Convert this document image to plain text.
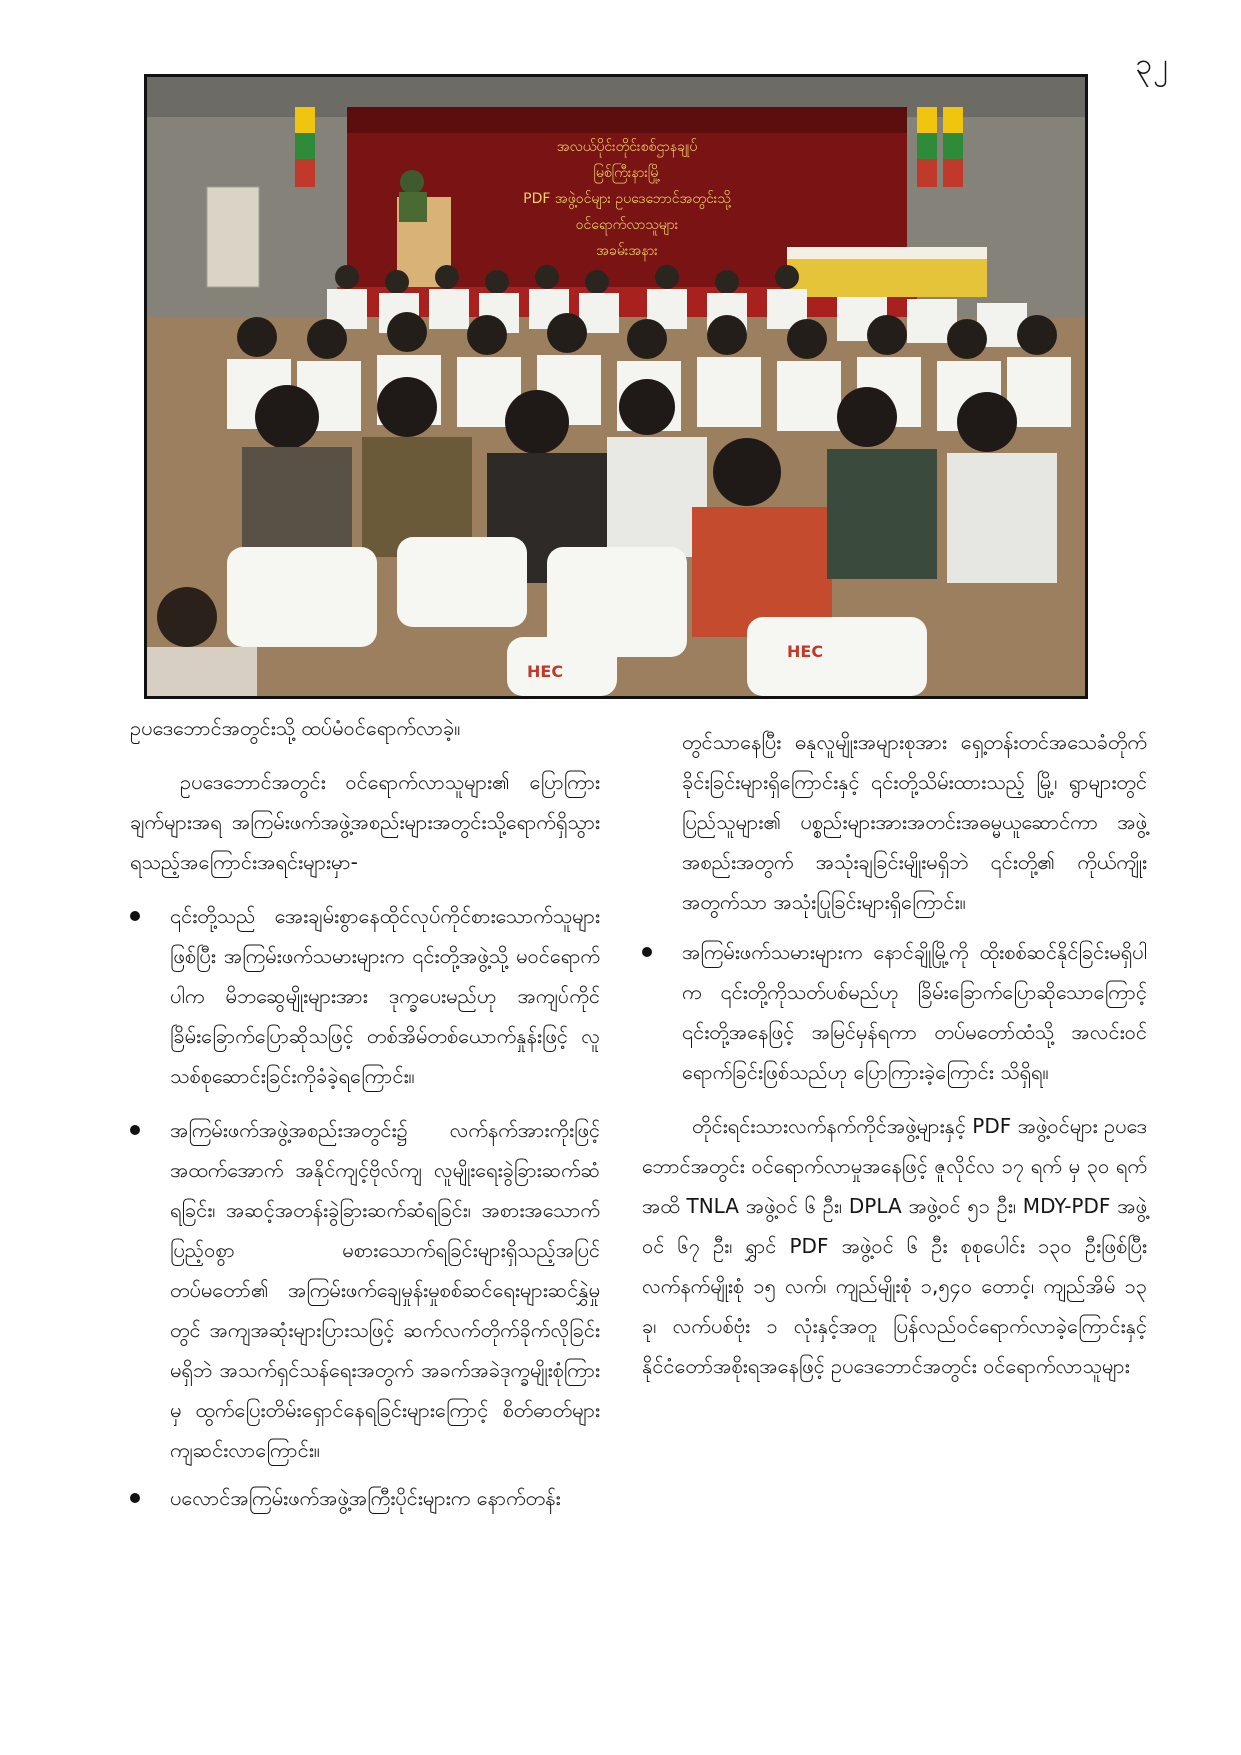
၃၂
အလယ်ပိုင်းတိုင်းစစ်ဌာနချုပ်
မြစ်ကြီးနားမြို့
PDF အဖွဲ့ဝင်များ ဥပဒေဘောင်အတွင်းသို့
ဝင်ရောက်လာသူများ
အခမ်းအနား
HEC
HEC

ဥပဒေဘောင်အတွင်းသို့ ထပ်မံဝင်ရောက်လာခဲ့။

ဥပဒေဘောင်အတွင်း ဝင်ရောက်လာသူများ၏ ပြောကြားချက်များအရ အကြမ်းဖက်အဖွဲ့အစည်းများအတွင်းသို့ရောက်ရှိသွားရသည့်အကြောင်းအရင်းများမှာ-

၎င်းတို့သည် အေးချမ်းစွာနေထိုင်လုပ်ကိုင်စားသောက်သူများဖြစ်ပြီး အကြမ်းဖက်သမားများက ၎င်းတို့အဖွဲ့သို့ မဝင်ရောက်ပါက မိဘဆွေမျိုးများအား ဒုက္ခပေးမည်ဟု အကျပ်ကိုင်ခြိမ်းခြောက်ပြောဆိုသဖြင့် တစ်အိမ်တစ်ယောက်နှုန်းဖြင့် လူသစ်စုဆောင်းခြင်းကိုခံခဲ့ရကြောင်း။
အကြမ်းဖက်အဖွဲ့အစည်းအတွင်း၌ လက်နက်အားကိုးဖြင့်အထက်အောက် အနိုင်ကျင့်ဗိုလ်ကျ လူမျိုးရေးခွဲခြားဆက်ဆံရခြင်း၊ အဆင့်အတန်းခွဲခြားဆက်ဆံရခြင်း၊ အစားအသောက်ပြည့်ဝစွာ မစားသောက်ရခြင်းများရှိသည့်အပြင် တပ်မတော်၏ အကြမ်းဖက်ချေမှုန်းမှုစစ်ဆင်ရေးများဆင်နွှဲမှုတွင် အကျအဆုံးများပြားသဖြင့် ဆက်လက်တိုက်ခိုက်လိုခြင်းမရှိဘဲ အသက်ရှင်သန်ရေးအတွက် အခက်အခဲဒုက္ခမျိုးစုံကြားမှ ထွက်ပြေးတိမ်းရှောင်နေရခြင်းများကြောင့် စိတ်ဓာတ်များကျဆင်းလာကြောင်း။
ပလောင်အကြမ်းဖက်အဖွဲ့အကြီးပိုင်းများက နောက်တန်း

တွင်သာနေပြီး ဓနုလူမျိုးအများစုအား ရှေ့တန်းတင်အသေခံတိုက်ခိုင်းခြင်းများရှိကြောင်းနှင့် ၎င်းတို့သိမ်းထားသည့် မြို့၊ ရွာများတွင် ပြည်သူများ၏ ပစ္စည်းများအားအတင်းအဓမ္မယူဆောင်ကာ အဖွဲ့အစည်းအတွက် အသုံးချခြင်းမျိုးမရှိဘဲ ၎င်းတို့၏ ကိုယ်ကျိုးအတွက်သာ အသုံးပြုခြင်းများရှိကြောင်း။

အကြမ်းဖက်သမားများက နောင်ချိုမြို့ကို ထိုးစစ်ဆင်နိုင်ခြင်းမရှိပါက ၎င်းတို့ကိုသတ်ပစ်မည်ဟု ခြိမ်းခြောက်ပြောဆိုသောကြောင့် ၎င်းတို့အနေဖြင့် အမြင်မှန်ရကာ တပ်မတော်ထံသို့ အလင်းဝင်ရောက်ခြင်းဖြစ်သည်ဟု ပြောကြားခဲ့ကြောင်း သိရှိရ။

တိုင်းရင်းသားလက်နက်ကိုင်အဖွဲ့များနှင့် PDF အဖွဲ့ဝင်များ ဥပဒေဘောင်အတွင်း ဝင်ရောက်လာမှုအနေဖြင့် ဇူလိုင်လ ၁၇ ရက် မှ ၃၀ ရက်အထိ TNLA အဖွဲ့ဝင် ၆ ဦး၊ DPLA အဖွဲ့ဝင် ၅၁ ဦး၊ MDY-PDF အဖွဲ့ဝင် ၆၇ ဦး၊ ရွှာင် PDF အဖွဲ့ဝင် ၆ ဦး စုစုပေါင်း ၁၃၀ ဦးဖြစ်ပြီး လက်နက်မျိုးစုံ ၁၅ လက်၊ ကျည်မျိုးစုံ ၁,၅၄၀ တောင့်၊ ကျည်အိမ် ၁၃ ခု၊ လက်ပစ်ဗုံး ၁ လုံးနှင့်အတူ ပြန်လည်ဝင်ရောက်လာခဲ့ကြောင်းနှင့် နိုင်ငံတော်အစိုးရအနေဖြင့် ဥပဒေဘောင်အတွင်း ဝင်ရောက်လာသူများ
